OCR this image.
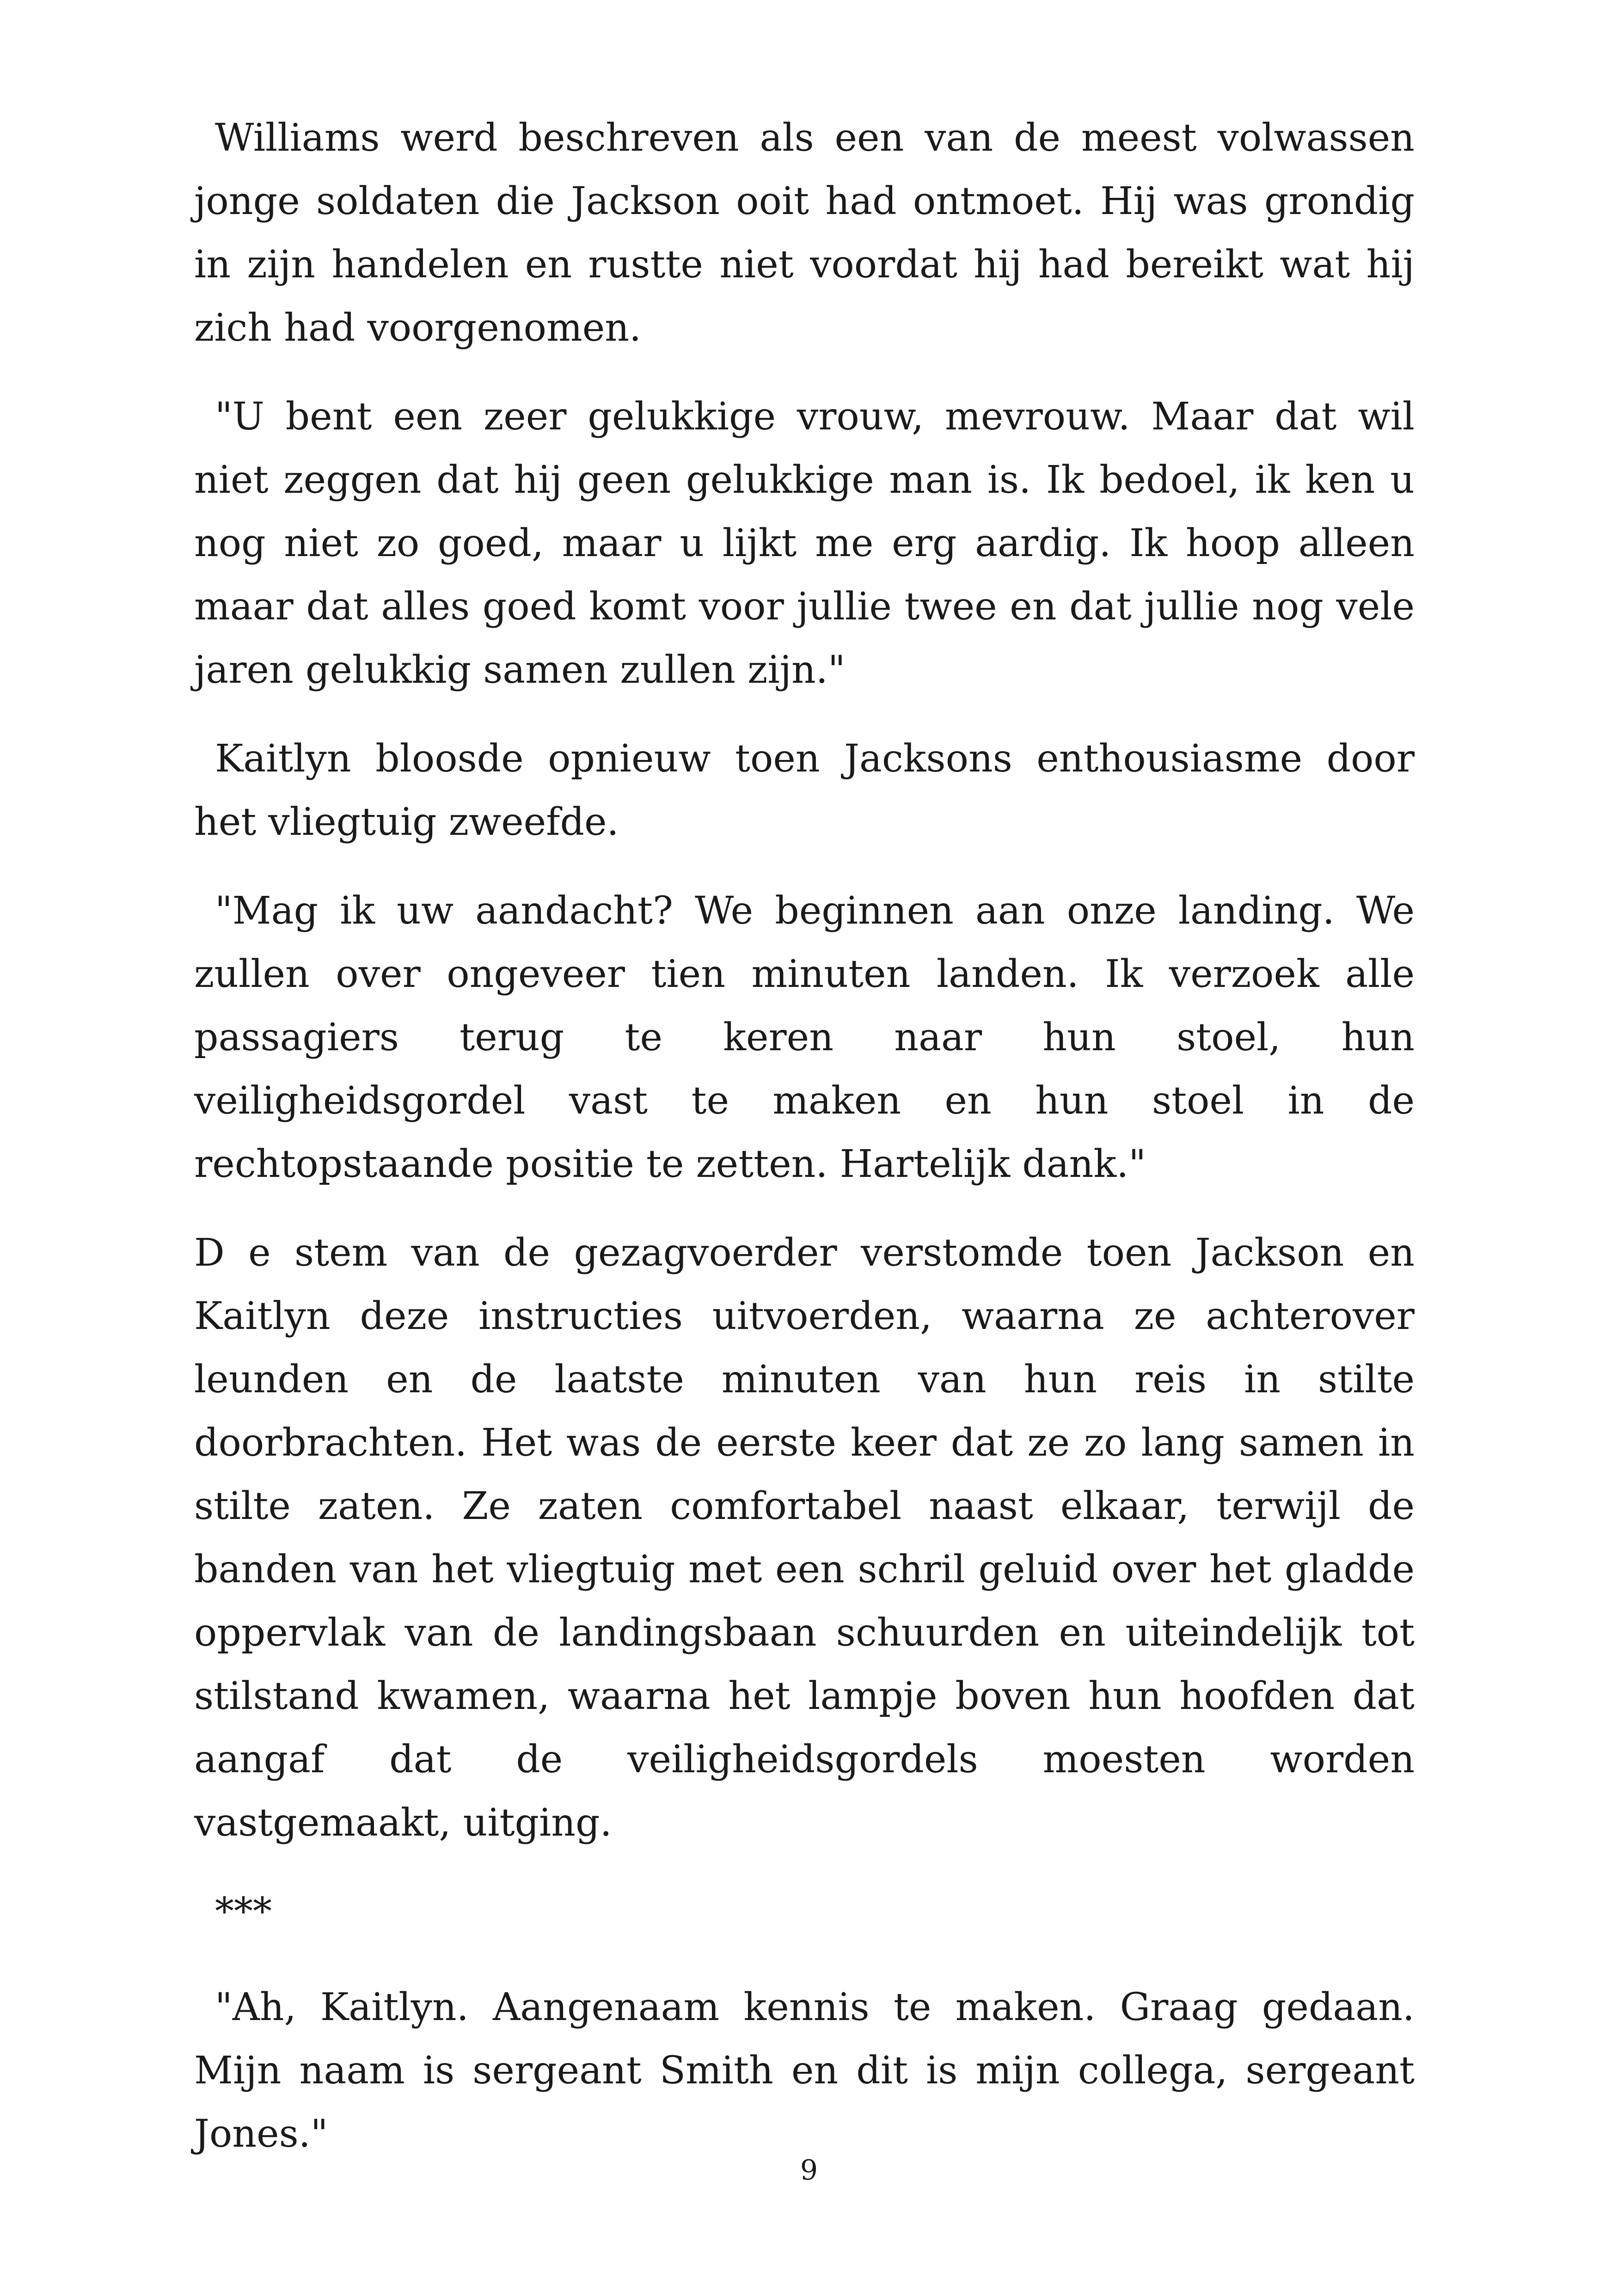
Williams werd beschreven als een van de meest volwassen jonge soldaten die Jackson ooit had ontmoet. Hij was grondig in zijn handelen en rustte niet voordat hij had bereikt wat hij zich had voorgenomen.

"U bent een zeer gelukkige vrouw, mevrouw. Maar dat wil niet zeggen dat hij geen gelukkige man is. Ik bedoel, ik ken u nog niet zo goed, maar u lijkt me erg aardig. Ik hoop alleen maar dat alles goed komt voor jullie twee en dat jullie nog vele jaren gelukkig samen zullen zijn."

Kaitlyn bloosde opnieuw toen Jacksons enthousiasme door het vliegtuig zweefde.

"Mag ik uw aandacht? We beginnen aan onze landing. We zullen over ongeveer tien minuten landen. Ik verzoek alle passagiers terug te keren naar hun stoel, hun veiligheidsgordel vast te maken en hun stoel in de rechtopstaande positie te zetten. Hartelijk dank."

D e stem van de gezagvoerder verstomde toen Jackson en Kaitlyn deze instructies uitvoerden, waarna ze achterover leunden en de laatste minuten van hun reis in stilte doorbrachten. Het was de eerste keer dat ze zo lang samen in stilte zaten. Ze zaten comfortabel naast elkaar, terwijl de banden van het vliegtuig met een schril geluid over het gladde oppervlak van de landingsbaan schuurden en uiteindelijk tot stilstand kwamen, waarna het lampje boven hun hoofden dat aangaf dat de veiligheidsgordels moesten worden vastgemaakt, uitging.

***

"Ah, Kaitlyn. Aangenaam kennis te maken. Graag gedaan. Mijn naam is sergeant Smith en dit is mijn collega, sergeant Jones."

9
